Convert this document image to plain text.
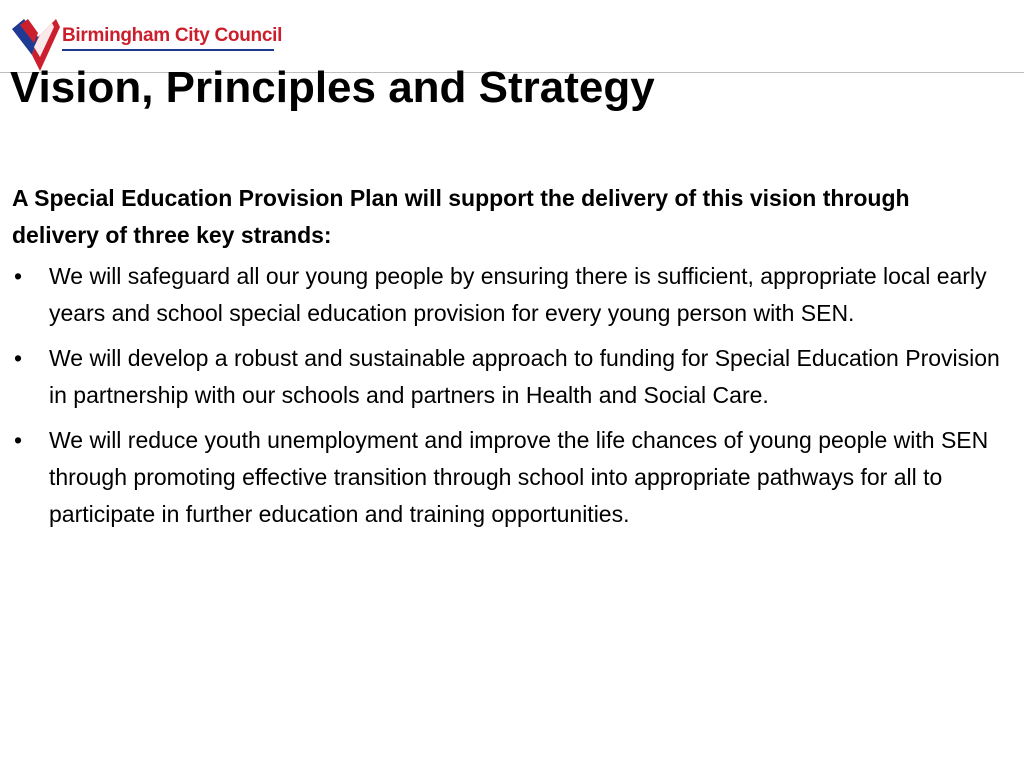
Birmingham City Council
Vision, Principles and Strategy

A Special Education Provision Plan will support the delivery of this vision through delivery of three key strands:

• We will safeguard all our young people by ensuring there is sufficient, appropriate local early years and school special education provision for every young person with SEN.
• We will develop a robust and sustainable approach to funding for Special Education Provision in partnership with our schools and partners in Health and Social Care.
• We will reduce youth unemployment and improve the life chances of young people with SEN through promoting effective transition through school into appropriate pathways for all to participate in further education and training opportunities.
